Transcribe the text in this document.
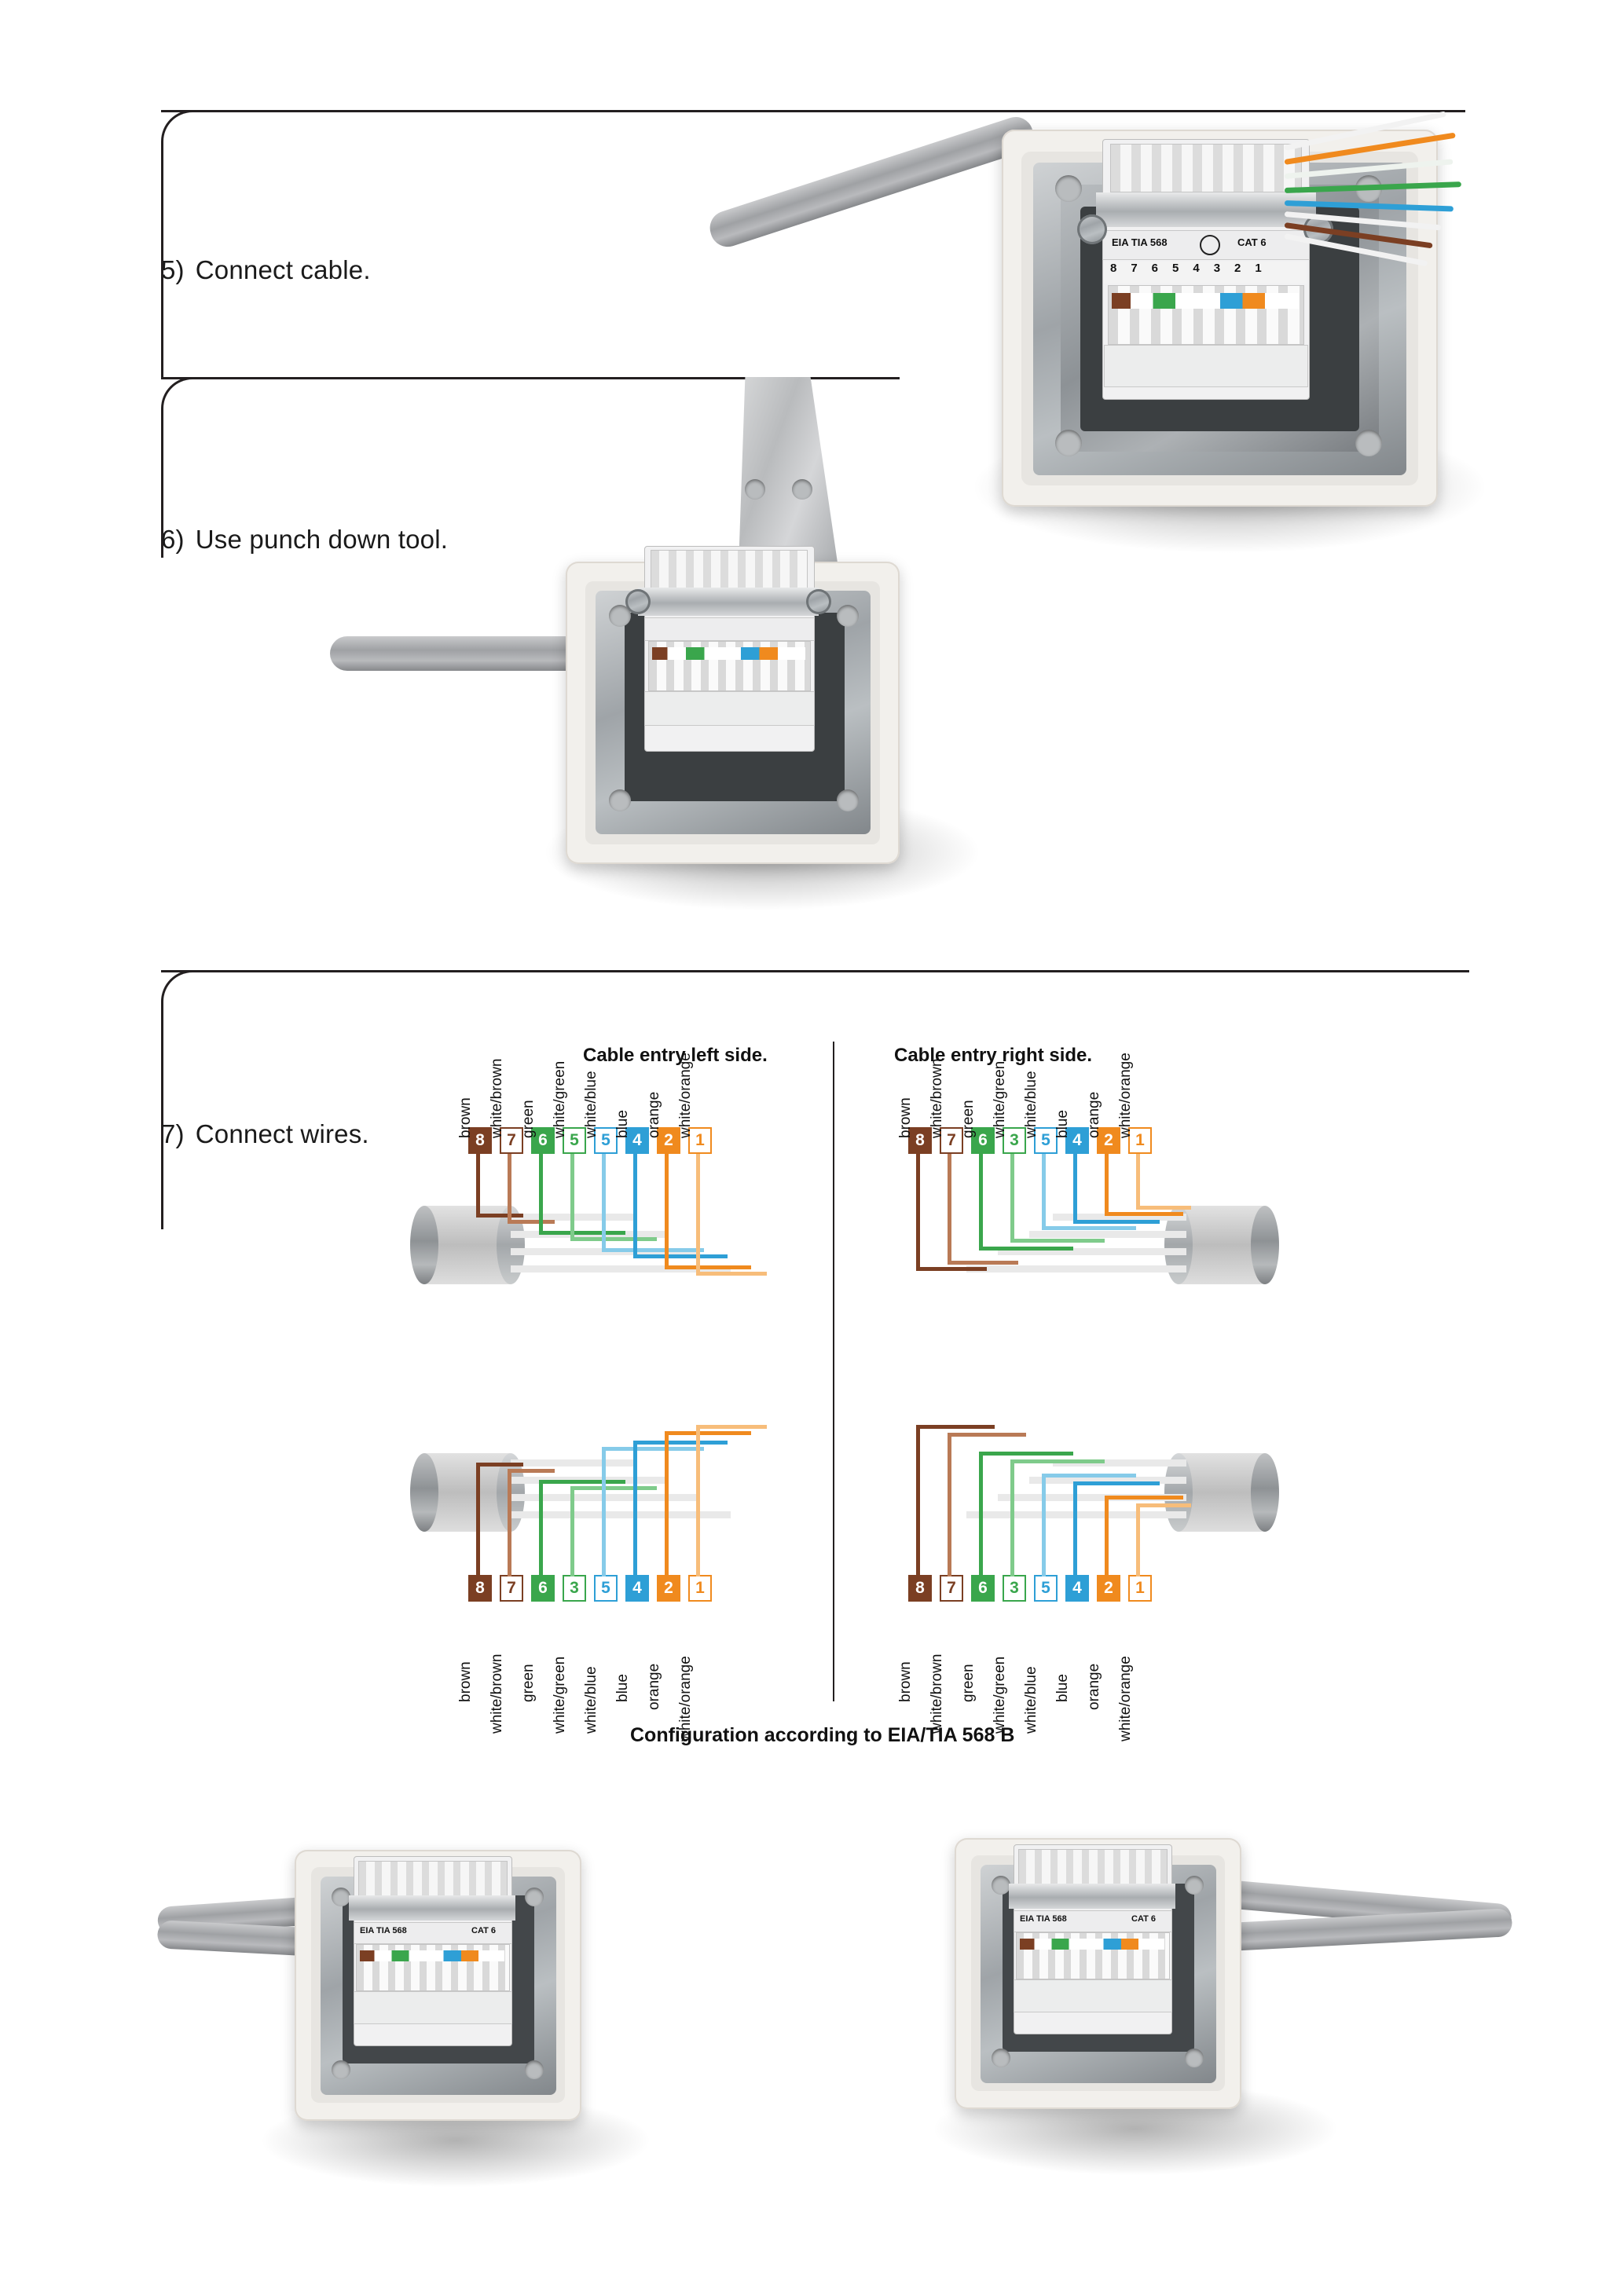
5) Connect cable.
6) Use punch down tool.
7) Connect wires.
EIA TIA 568	CAT 6
87654321
Cable entry left side.	Cable entry right side.
8	7	6	5	5	4	2	1
brown white/brown green white/green white/blue blue orange white/orange
8	7	6	3	5	4	2	1
brown white/brown green white/green white/blue blue orange white/orange
8	7	6	3	5	4	2	1
brown white/brown green white/green white/blue blue orange white/orange
8	7	6	3	5	4	2	1
brown white/brown green white/green white/blue blue orange white/orange
Configuration according to EIA/TIA 568 B
EIA TIA 568	CAT 6
EIA TIA 568	CAT 6
